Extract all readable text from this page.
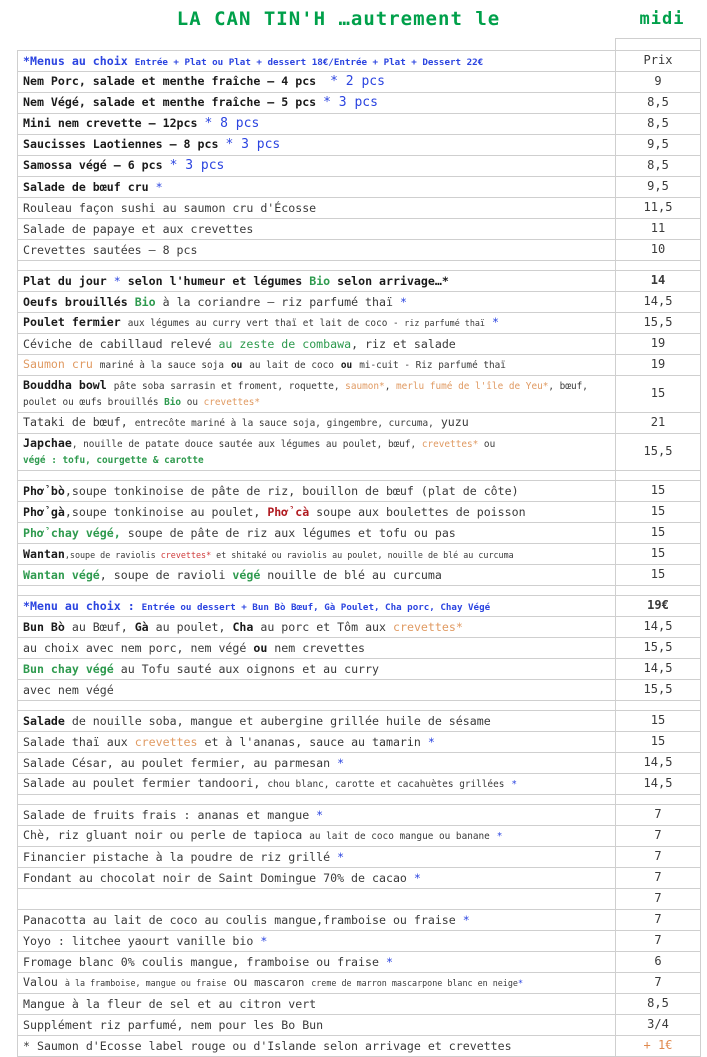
LA CAN TIN'H …autrement le	midi

*Menus au choix Entrée + Plat ou Plat + dessert 18€/Entrée + Plat + Dessert 22€	Prix
Nem Porc, salade et menthe fraîche – 4 pcs * 2 pcs	9
Nem Végé, salade et menthe fraîche – 5 pcs * 3 pcs	8,5
Mini nem crevette – 12pcs * 8 pcs	8,5
Saucisses Laotiennes – 8 pcs * 3 pcs	9,5
Samossa végé – 6 pcs * 3 pcs	8,5
Salade de bœuf cru *	9,5
Rouleau façon sushi au saumon cru d'Écosse	11,5
Salade de papaye et aux crevettes	11
Crevettes sautées – 8 pcs	10

Plat du jour * selon l'humeur et légumes Bio selon arrivage…*	14
Oeufs brouillés Bio à la coriandre – riz parfumé thaï *	14,5
Poulet fermier aux légumes au curry vert thaï et lait de coco - riz parfumé thaï *	15,5
Céviche de cabillaud relevé au zeste de combawa, riz et salade	19
Saumon cru mariné à la sauce soja ou au lait de coco ou mi-cuit - Riz parfumé thaï	19
Bouddha bowl pâte soba sarrasin et froment, roquette, saumon*, merlu fumé de l'île de Yeu*, bœuf, poulet ou œufs brouillés Bio ou crevettes*	15
Tataki de bœuf, entrecôte mariné à la sauce soja, gingembre, curcuma, yuzu	21
Japchae, nouille de patate douce sautée aux légumes au poulet, bœuf, crevettes* ou
végé : tofu, courgette & carotte	15,5

Phở bò,soupe tonkinoise de pâte de riz, bouillon de bœuf (plat de côte)	15
Phở gà,soupe tonkinoise au poulet, Phở cà soupe aux boulettes de poisson	15
Phở chay végé, soupe de pâte de riz aux légumes et tofu ou pas	15
Wantan,soupe de raviolis crevettes* et shitaké ou raviolis au poulet, nouille de blé au curcuma	15
Wantan végé, soupe de ravioli végé nouille de blé au curcuma	15

*Menu au choix : Entrée ou dessert + Bun Bò Bœuf, Gà Poulet, Cha porc, Chay Végé	19€
Bun Bò au Bœuf, Gà au poulet, Cha au porc et Tôm aux crevettes*	14,5
au choix avec nem porc, nem végé ou nem crevettes	15,5
Bun chay végé au Tofu sauté aux oignons et au curry	14,5
avec nem végé	15,5

Salade de nouille soba, mangue et aubergine grillée huile de sésame	15
Salade thaï aux crevettes et à l'ananas, sauce au tamarin *	15
Salade César, au poulet fermier, au parmesan *	14,5
Salade au poulet fermier tandoori, chou blanc, carotte et cacahuètes grillées *	14,5

Salade de fruits frais : ananas et mangue *	7
Chè, riz gluant noir ou perle de tapioca au lait de coco mangue ou banane *	7
Financier pistache à la poudre de riz grillé *	7
Fondant au chocolat noir de Saint Domingue 70% de cacao *	7
	7
Panacotta au lait de coco au coulis mangue,framboise ou fraise *	7
Yoyo : litchee yaourt vanille bio *	7
Fromage blanc 0% coulis mangue, framboise ou fraise *	6
Valou à la framboise, mangue ou fraise ou mascaron creme de marron mascarpone blanc en neige*	7
Mangue à la fleur de sel et au citron vert	8,5
Supplément riz parfumé, nem pour les Bo Bun	3/4
* Saumon d'Ecosse label rouge ou d'Islande selon arrivage et crevettes	+ 1€
